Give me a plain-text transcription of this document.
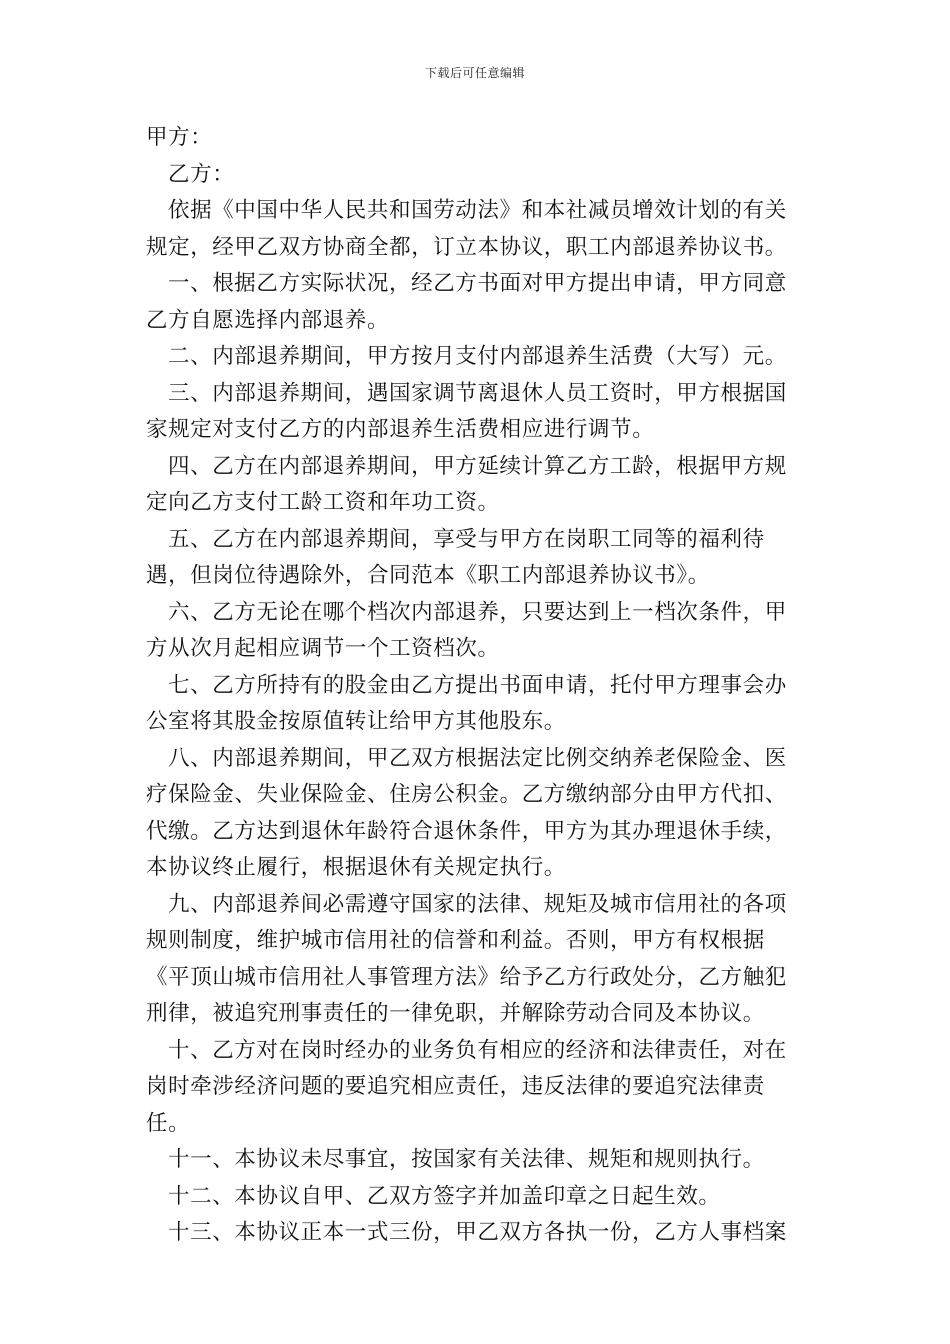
下载后可任意编辑

甲方：

乙方：

依据《中国中华人民共和国劳动法》和本社减员增效计划的有关规定，经甲乙双方协商全都，订立本协议，职工内部退养协议书。

一、根据乙方实际状况，经乙方书面对甲方提出申请，甲方同意乙方自愿选择内部退养。

二、内部退养期间，甲方按月支付内部退养生活费（大写）元。

三、内部退养期间，遇国家调节离退休人员工资时，甲方根据国家规定对支付乙方的内部退养生活费相应进行调节。

四、乙方在内部退养期间，甲方延续计算乙方工龄，根据甲方规定向乙方支付工龄工资和年功工资。

五、乙方在内部退养期间，享受与甲方在岗职工同等的福利待遇，但岗位待遇除外，合同范本《职工内部退养协议书》。

六、乙方无论在哪个档次内部退养，只要达到上一档次条件，甲方从次月起相应调节一个工资档次。

七、乙方所持有的股金由乙方提出书面申请，托付甲方理事会办公室将其股金按原值转让给甲方其他股东。

八、内部退养期间，甲乙双方根据法定比例交纳养老保险金、医疗保险金、失业保险金、住房公积金。乙方缴纳部分由甲方代扣、代缴。乙方达到退休年龄符合退休条件，甲方为其办理退休手续，本协议终止履行，根据退休有关规定执行。

九、内部退养间必需遵守国家的法律、规矩及城市信用社的各项规则制度，维护城市信用社的信誉和利益。否则，甲方有权根据《平顶山城市信用社人事管理方法》给予乙方行政处分，乙方触犯刑律，被追究刑事责任的一律免职，并解除劳动合同及本协议。

十、乙方对在岗时经办的业务负有相应的经济和法律责任，对在岗时牵涉经济问题的要追究相应责任，违反法律的要追究法律责任。

十一、本协议未尽事宜，按国家有关法律、规矩和规则执行。

十二、本协议自甲、乙双方签字并加盖印章之日起生效。

十三、本协议正本一式三份，甲乙双方各执一份，乙方人事档案
